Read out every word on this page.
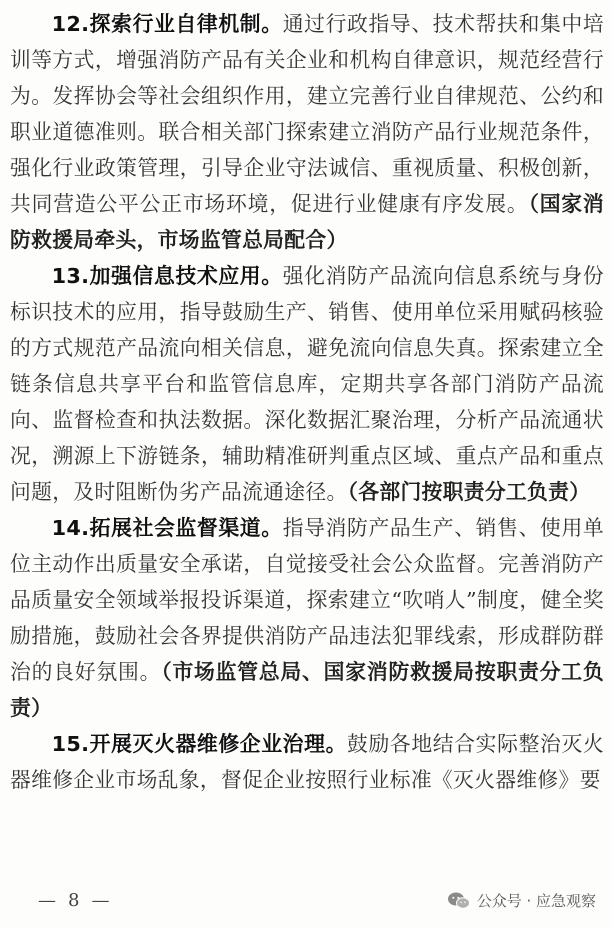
12.探索行业自律机制。通过行政指导、技术帮扶和集中培训等方式，增强消防产品有关企业和机构自律意识，规范经营行为。发挥协会等社会组织作用，建立完善行业自律规范、公约和职业道德准则。联合相关部门探索建立消防产品行业规范条件，强化行业政策管理，引导企业守法诚信、重视质量、积极创新，共同营造公平公正市场环境，促进行业健康有序发展。（国家消防救援局牵头，市场监管总局配合）

13.加强信息技术应用。强化消防产品流向信息系统与身份标识技术的应用，指导鼓励生产、销售、使用单位采用赋码核验的方式规范产品流向相关信息，避免流向信息失真。探索建立全链条信息共享平台和监管信息库，定期共享各部门消防产品流向、监督检查和执法数据。深化数据汇聚治理，分析产品流通状况，溯源上下游链条，辅助精准研判重点区域、重点产品和重点问题，及时阻断伪劣产品流通途径。（各部门按职责分工负责）

14.拓展社会监督渠道。指导消防产品生产、销售、使用单位主动作出质量安全承诺，自觉接受社会公众监督。完善消防产品质量安全领域举报投诉渠道，探索建立“吹哨人”制度，健全奖励措施，鼓励社会各界提供消防产品违法犯罪线索，形成群防群治的良好氛围。（市场监管总局、国家消防救援局按职责分工负责）

15.开展灭火器维修企业治理。鼓励各地结合实际整治灭火器维修企业市场乱象，督促企业按照行业标准《灭火器维修》要

— 8 —	公众号 · 应急观察
